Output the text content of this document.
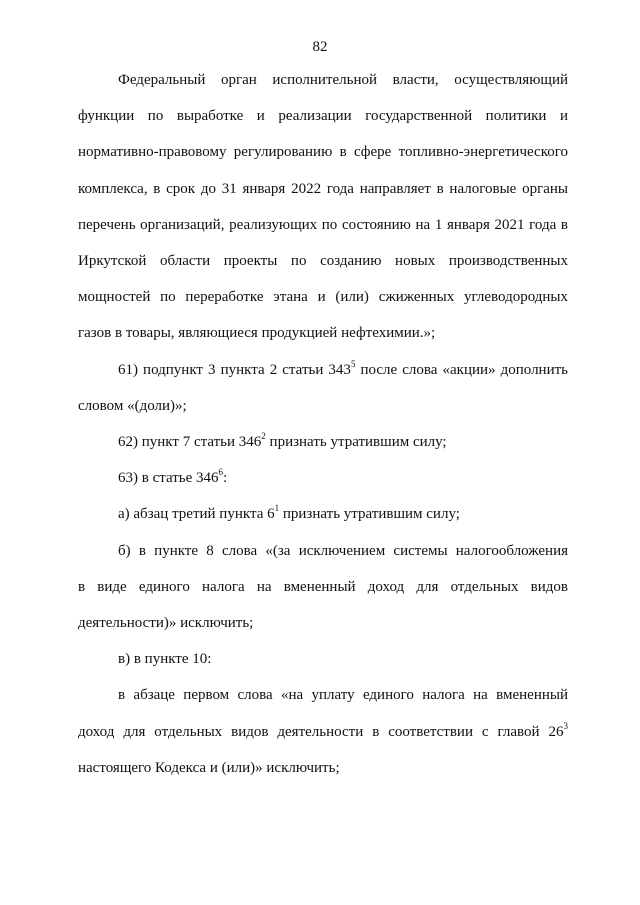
82
Федеральный орган исполнительной власти, осуществляющий
функции по выработке и реализации государственной политики и
нормативно-правовому регулированию в сфере топливно-энергетического
комплекса, в срок до 31 января 2022 года направляет в налоговые органы
перечень организаций, реализующих по состоянию на 1 января 2021 года в
Иркутской области проекты по созданию новых производственных
мощностей по переработке этана и (или) сжиженных углеводородных
газов в товары, являющиеся продукцией нефтехимии.»;
61) подпункт 3 пункта 2 статьи $343^5$ после слова «акции» дополнить
словом «(доли)»;
62) пункт 7 статьи $346^2$ признать утратившим силу;
63) в статье $346^6$:
а) абзац третий пункта $6^1$ признать утратившим силу;
б) в пункте 8 слова «(за исключением системы налогообложения
в виде единого налога на вмененный доход для отдельных видов
деятельности)» исключить;
в) в пункте 10:
в абзаце первом слова «на уплату единого налога на вмененный
доход для отдельных видов деятельности в соответствии с главой $26^3$
настоящего Кодекса и (или)» исключить;
